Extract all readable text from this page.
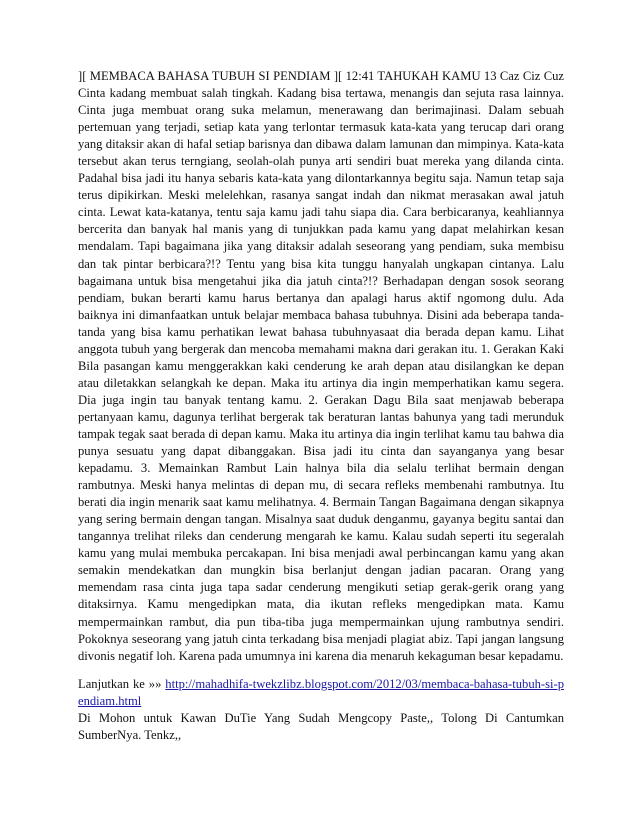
][ MEMBACA BAHASA TUBUH SI PENDIAM ][ 12:41 TAHUKAH KAMU 13 Caz Ciz Cuz Cinta kadang membuat salah tingkah. Kadang bisa tertawa, menangis dan sejuta rasa lainnya. Cinta juga membuat orang suka melamun, menerawang dan berimajinasi. Dalam sebuah pertemuan yang terjadi, setiap kata yang terlontar termasuk kata-kata yang terucap dari orang yang ditaksir akan di hafal setiap barisnya dan dibawa dalam lamunan dan mimpinya. Kata-kata tersebut akan terus terngiang, seolah-olah punya arti sendiri buat mereka yang dilanda cinta. Padahal bisa jadi itu hanya sebaris kata-kata yang dilontarkannya begitu saja. Namun tetap saja terus dipikirkan. Meski melelehkan, rasanya sangat indah dan nikmat merasakan awal jatuh cinta. Lewat kata-katanya, tentu saja kamu jadi tahu siapa dia. Cara berbicaranya, keahliannya bercerita dan banyak hal manis yang di tunjukkan pada kamu yang dapat melahirkan kesan mendalam. Tapi bagaimana jika yang ditaksir adalah seseorang yang pendiam, suka membisu dan tak pintar berbicara?!? Tentu yang bisa kita tunggu hanyalah ungkapan cintanya. Lalu bagaimana untuk bisa mengetahui jika dia jatuh cinta?!? Berhadapan dengan sosok seorang pendiam, bukan berarti kamu harus bertanya dan apalagi harus aktif ngomong dulu. Ada baiknya ini dimanfaatkan untuk belajar membaca bahasa tubuhnya. Disini ada beberapa tanda-tanda yang bisa kamu perhatikan lewat bahasa tubuhnyasaat dia berada depan kamu. Lihat anggota tubuh yang bergerak dan mencoba memahami makna dari gerakan itu. 1. Gerakan Kaki Bila pasangan kamu menggerakkan kaki cenderung ke arah depan atau disilangkan ke depan atau diletakkan selangkah ke depan. Maka itu artinya dia ingin memperhatikan kamu segera. Dia juga ingin tau banyak tentang kamu. 2. Gerakan Dagu Bila saat menjawab beberapa pertanyaan kamu, dagunya terlihat bergerak tak beraturan lantas bahunya yang tadi merunduk tampak tegak saat berada di depan kamu. Maka itu artinya dia ingin terlihat kamu tau bahwa dia punya sesuatu yang dapat dibanggakan. Bisa jadi itu cinta dan sayanganya yang besar kepadamu. 3. Memainkan Rambut Lain halnya bila dia selalu terlihat bermain dengan rambutnya. Meski hanya melintas di depan mu, di secara refleks membenahi rambutnya. Itu berati dia ingin menarik saat kamu melihatnya. 4. Bermain Tangan Bagaimana dengan sikapnya yang sering bermain dengan tangan. Misalnya saat duduk denganmu, gayanya begitu santai dan tangannya trelihat rileks dan cenderung mengarah ke kamu. Kalau sudah seperti itu segeralah kamu yang mulai membuka percakapan. Ini bisa menjadi awal perbincangan kamu yang akan semakin mendekatkan dan mungkin bisa berlanjut dengan jadian pacaran. Orang yang memendam rasa cinta juga tapa sadar cenderung mengikuti setiap gerak-gerik orang yang ditaksirnya. Kamu mengedipkan mata, dia ikutan refleks mengedipkan mata. Kamu mempermainkan rambut, dia pun tiba-tiba juga mempermainkan ujung rambutnya sendiri. Pokoknya seseorang yang jatuh cinta terkadang bisa menjadi plagiat abiz. Tapi jangan langsung divonis negatif loh. Karena pada umumnya ini karena dia menaruh kekaguman besar kepadamu.

Lanjutkan ke »» http://mahadhifa-twekzlibz.blogspot.com/2012/03/membaca-bahasa-tubuh-si-pendiam.html

Di Mohon untuk Kawan DuTie Yang Sudah Mengcopy Paste,, Tolong Di Cantumkan SumberNya. Tenkz,,
